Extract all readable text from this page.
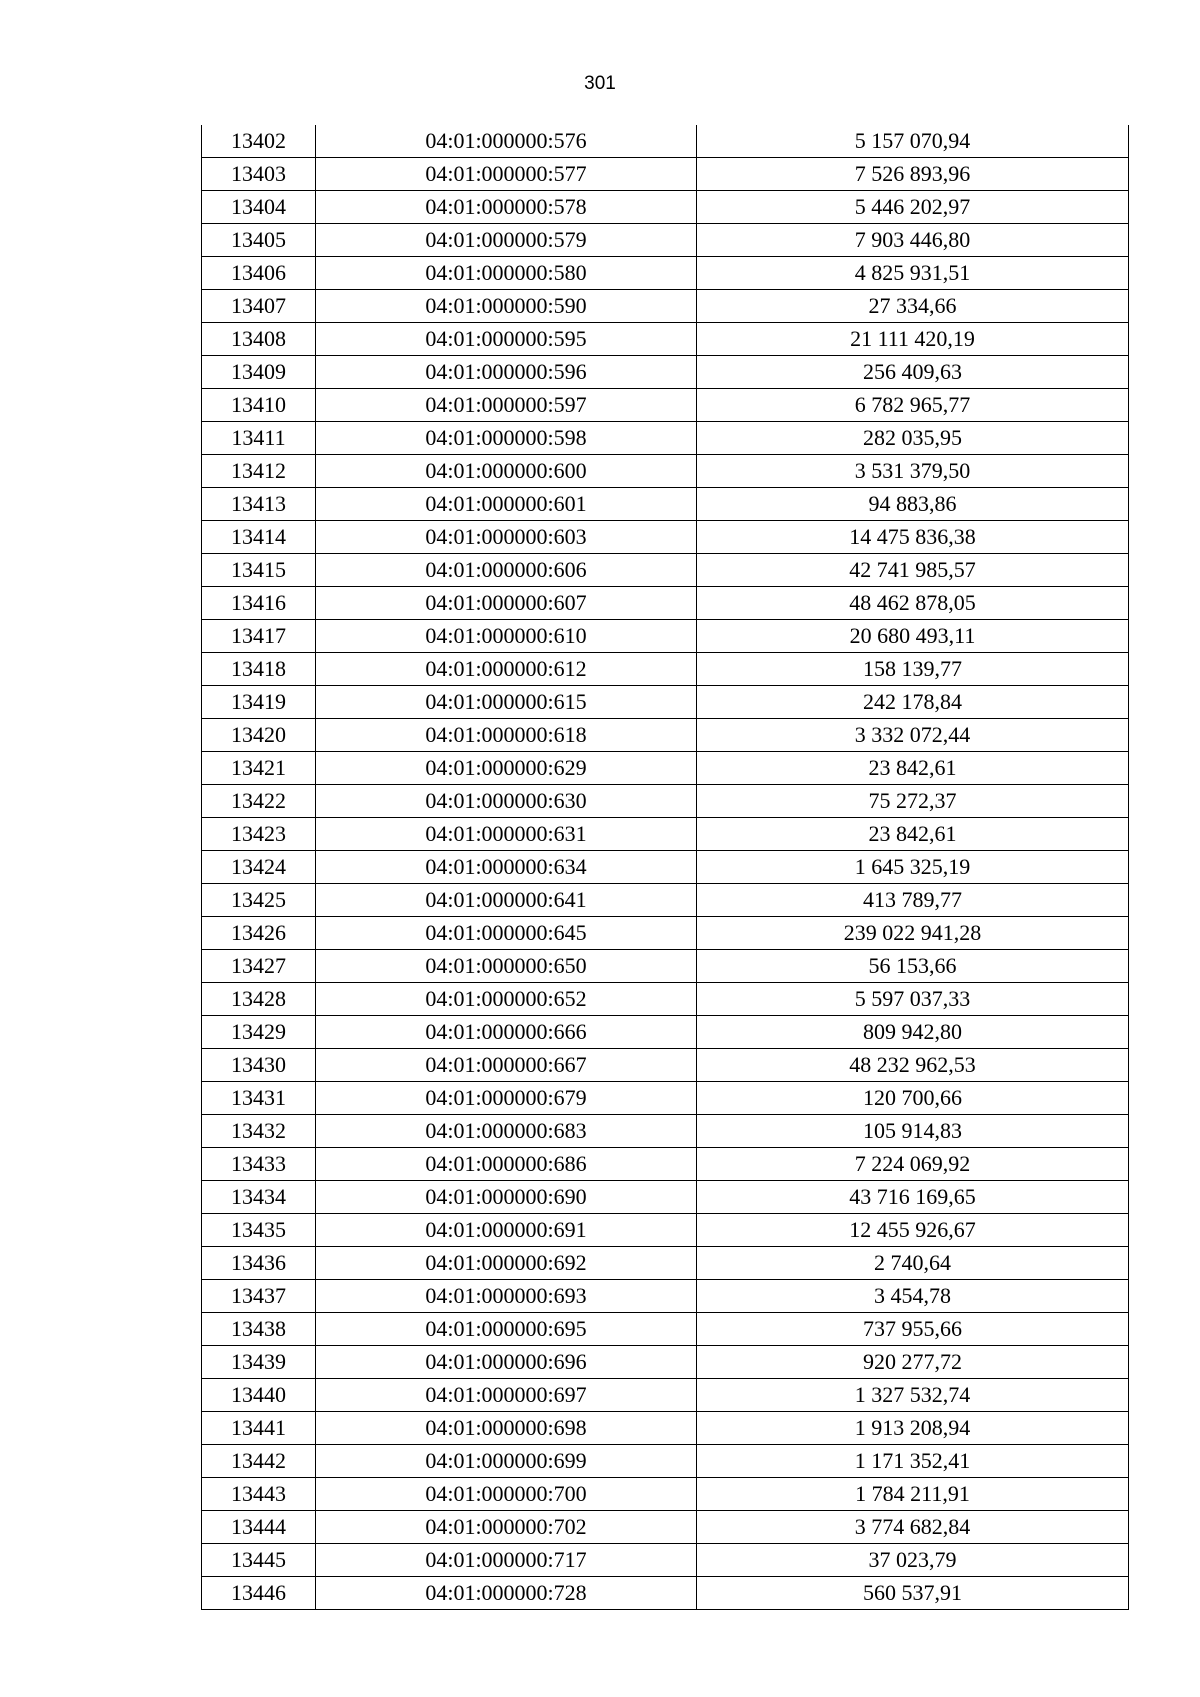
301
13402	04:01:000000:576	5 157 070,94
13403	04:01:000000:577	7 526 893,96
13404	04:01:000000:578	5 446 202,97
13405	04:01:000000:579	7 903 446,80
13406	04:01:000000:580	4 825 931,51
13407	04:01:000000:590	27 334,66
13408	04:01:000000:595	21 111 420,19
13409	04:01:000000:596	256 409,63
13410	04:01:000000:597	6 782 965,77
13411	04:01:000000:598	282 035,95
13412	04:01:000000:600	3 531 379,50
13413	04:01:000000:601	94 883,86
13414	04:01:000000:603	14 475 836,38
13415	04:01:000000:606	42 741 985,57
13416	04:01:000000:607	48 462 878,05
13417	04:01:000000:610	20 680 493,11
13418	04:01:000000:612	158 139,77
13419	04:01:000000:615	242 178,84
13420	04:01:000000:618	3 332 072,44
13421	04:01:000000:629	23 842,61
13422	04:01:000000:630	75 272,37
13423	04:01:000000:631	23 842,61
13424	04:01:000000:634	1 645 325,19
13425	04:01:000000:641	413 789,77
13426	04:01:000000:645	239 022 941,28
13427	04:01:000000:650	56 153,66
13428	04:01:000000:652	5 597 037,33
13429	04:01:000000:666	809 942,80
13430	04:01:000000:667	48 232 962,53
13431	04:01:000000:679	120 700,66
13432	04:01:000000:683	105 914,83
13433	04:01:000000:686	7 224 069,92
13434	04:01:000000:690	43 716 169,65
13435	04:01:000000:691	12 455 926,67
13436	04:01:000000:692	2 740,64
13437	04:01:000000:693	3 454,78
13438	04:01:000000:695	737 955,66
13439	04:01:000000:696	920 277,72
13440	04:01:000000:697	1 327 532,74
13441	04:01:000000:698	1 913 208,94
13442	04:01:000000:699	1 171 352,41
13443	04:01:000000:700	1 784 211,91
13444	04:01:000000:702	3 774 682,84
13445	04:01:000000:717	37 023,79
13446	04:01:000000:728	560 537,91
